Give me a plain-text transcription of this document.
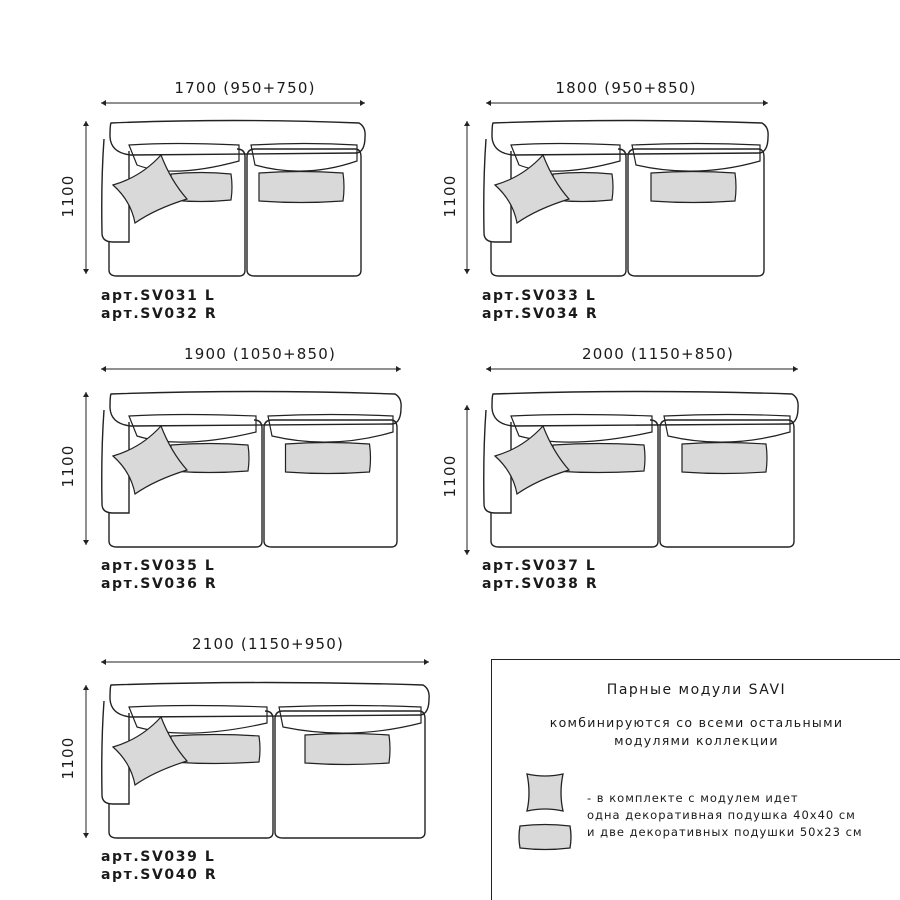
1700 (950+750)
1100
арт.SV031 L
арт.SV032 R
1800 (950+850)
1100
арт.SV033 L
арт.SV034 R
1900 (1050+850)
1100
арт.SV035 L
арт.SV036 R
2000 (1150+850)
1100
арт.SV037 L
арт.SV038 R
2100 (1150+950)
1100
арт.SV039 L
арт.SV040 R
Парные модули SAVI
комбинируются со всеми остальными
модулями коллекции
- в комплекте с модулем идет
одна декоративная подушка 40х40 см
и две декоративных подушки 50х23 см
